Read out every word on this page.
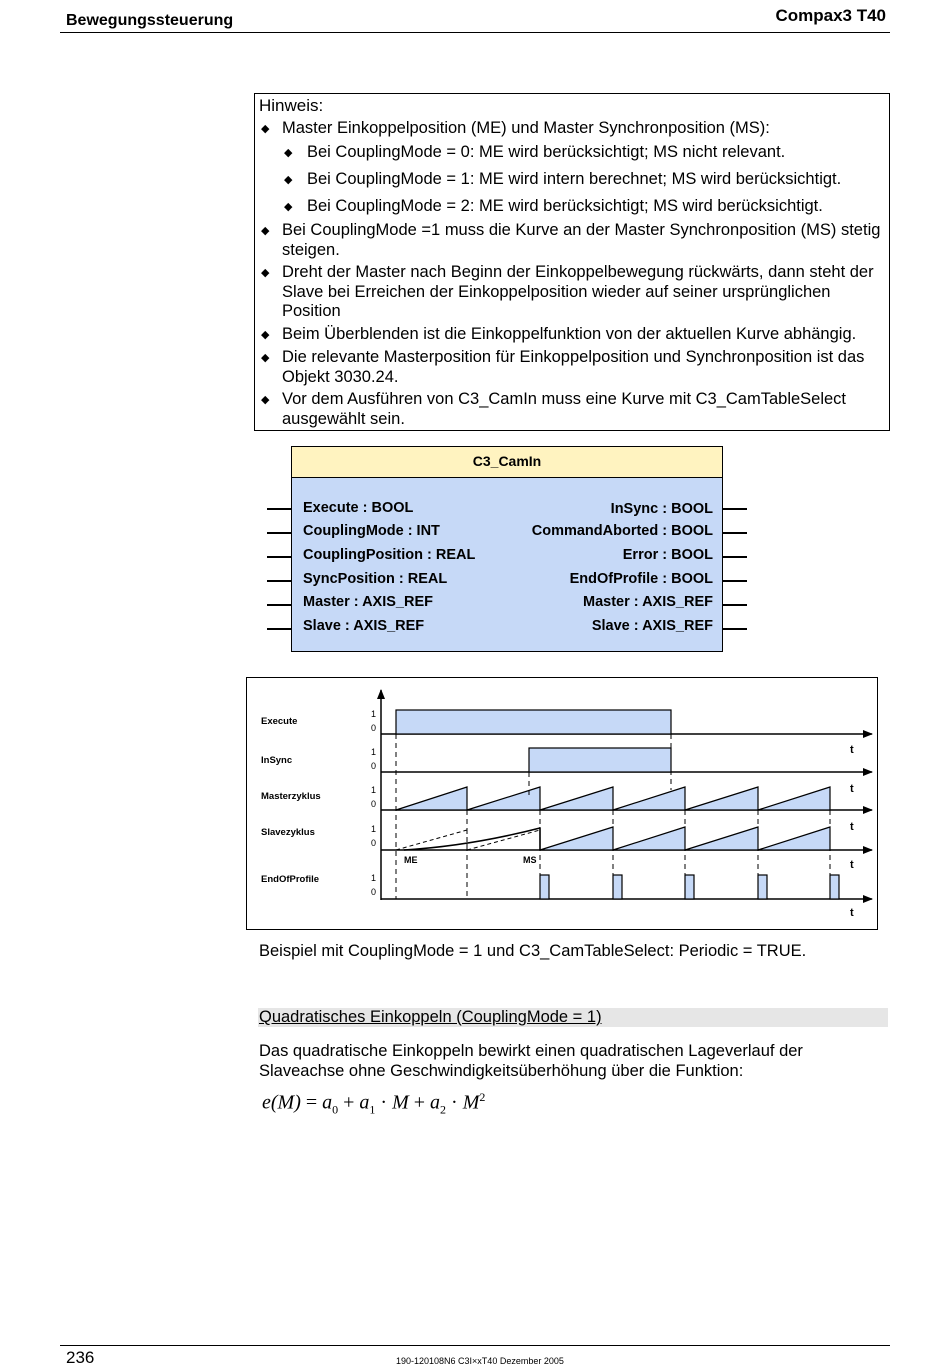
Bewegungssteuerung	Compax3 T40
Hinweis:
◆ Master Einkoppelposition (ME) und Master Synchronposition (MS):
◆ Bei CouplingMode = 0: ME wird berücksichtigt; MS nicht relevant.
◆ Bei CouplingMode = 1: ME wird intern berechnet; MS wird berücksichtigt.
◆ Bei CouplingMode = 2: ME wird berücksichtigt; MS wird berücksichtigt.
◆ Bei CouplingMode =1 muss die Kurve an der Master Synchronposition (MS) stetig steigen.
◆ Dreht der Master nach Beginn der Einkoppelbewegung rückwärts, dann steht der Slave bei Erreichen der Einkoppelposition wieder auf seiner ursprünglichen Position
◆ Beim Überblenden ist die Einkoppelfunktion von der aktuellen Kurve abhängig.
◆ Die relevante Masterposition für Einkoppelposition und Synchronposition ist das Objekt 3030.24.
◆ Vor dem Ausführen von C3_CamIn muss eine Kurve mit C3_CamTableSelect ausgewählt sein.
C3_CamIn
Execute : BOOL
CouplingMode : INT
CouplingPosition : REAL
SyncPosition : REAL
Master : AXIS_REF
Slave : AXIS_REF
InSync : BOOL
CommandAborted : BOOL
Error : BOOL
EndOfProfile : BOOL
Master : AXIS_REF
Slave : AXIS_REF
Execute
InSync
Masterzyklus
Slavezyklus
EndOfProfile
1
0
1
0
1
0
1
0
1
0
t
t
t
t
t
ME	MS
Beispiel mit CouplingMode = 1 und C3_CamTableSelect: Periodic = TRUE.
Quadratisches Einkoppeln (CouplingMode = 1)
Das quadratische Einkoppeln bewirkt einen quadratischen Lageverlauf der Slaveachse ohne Geschwindigkeitsüberhöhung über die Funktion:
$e(M) = a_0 + a_1 \cdot M + a_2 \cdot M^2$
236	190-120108N6 C3I×xT40 Dezember 2005
